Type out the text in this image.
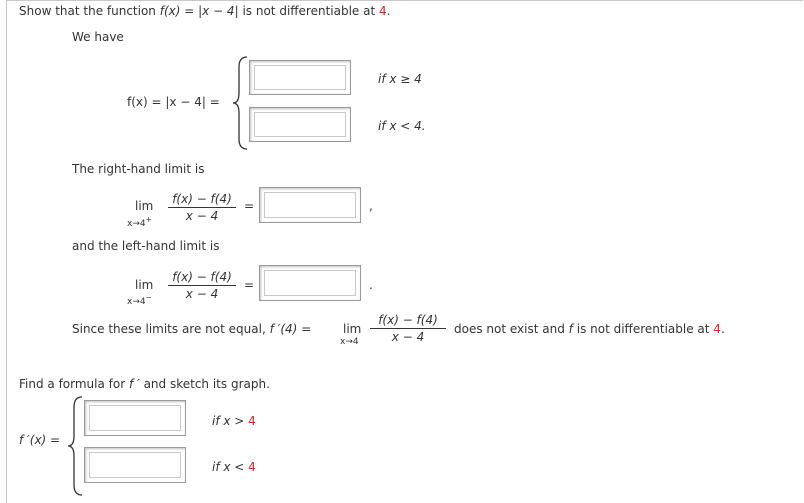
Show that the function f(x) = |x − 4| is not differentiable at 4.
We have
f(x) = |x − 4| =
if x ≥ 4
if x < 4.
The right-hand limit is
lim
$x\to 4^+ \frac{f(x) - f(4)}{x - 4}$ =	,
and the left-hand limit is
lim
$x\to 4^- \frac{f(x) - f(4)}{x - 4}$ =	.
Since these limits are not equal, f ′(4) =	lim
$x\to 4 \frac{f(x) - f(4)}{x - 4}$ does not exist and f is not differentiable at 4.
Find a formula for f ′ and sketch its graph.
f ′(x) =
if x > 4
if x < 4
